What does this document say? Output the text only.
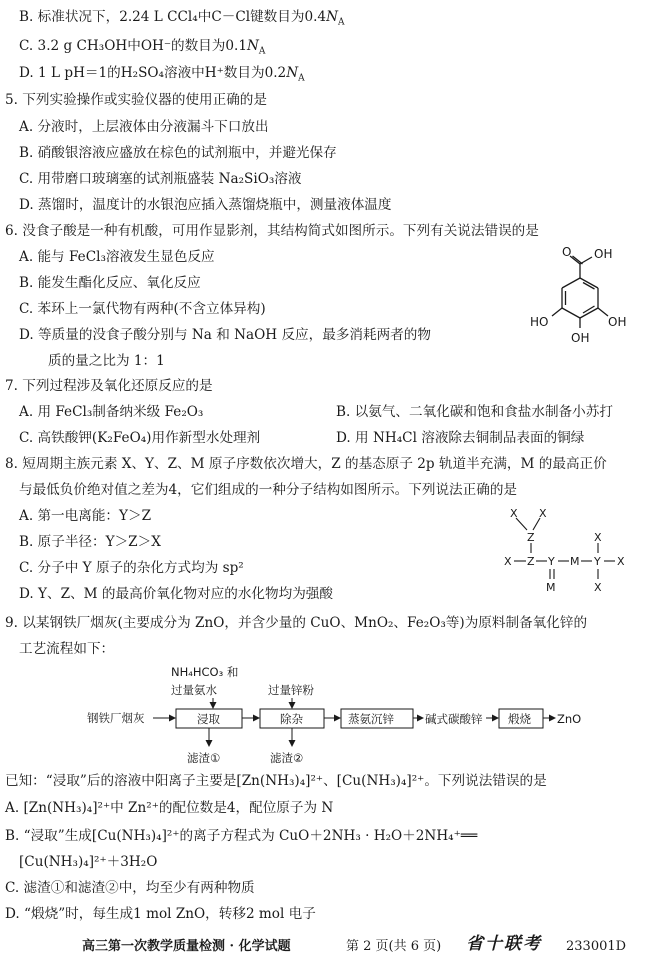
B. 标准状况下，2.24 L CCl₄中C－Cl键数目为$0.4N_A$
C. 3.2 g CH₃OH中OH⁻的数目为$0.1N_A$
D. 1 L pH＝1的H₂SO₄溶液中H⁺数目为$0.2N_A$
5. 下列实验操作或实验仪器的使用正确的是
A. 分液时，上层液体由分液漏斗下口放出
B. 硝酸银溶液应盛放在棕色的试剂瓶中，并避光保存
C. 用带磨口玻璃塞的试剂瓶盛装 Na₂SiO₃溶液
D. 蒸馏时，温度计的水银泡应插入蒸馏烧瓶中，测量液体温度
6. 没食子酸是一种有机酸，可用作显影剂，其结构简式如图所示。下列有关说法错误的是
A. 能与 FeCl₃溶液发生显色反应
B. 能发生酯化反应、氧化反应
C. 苯环上一氯代物有两种(不含立体异构)
D. 等质量的没食子酸分别与 Na 和 NaOH 反应，最多消耗两者的物
质的量之比为 1：1
O OH
HO	OH
OH
7. 下列过程涉及氧化还原反应的是
A. 用 FeCl₃制备纳米级 Fe₂O₃	B. 以氨气、二氧化碳和饱和食盐水制备小苏打
C. 高铁酸钾(K₂FeO₄)用作新型水处理剂	D. 用 NH₄Cl 溶液除去铜制品表面的铜绿
8. 短周期主族元素 X、Y、Z、M 原子序数依次增大，Z 的基态原子 2p 轨道半充满，M 的最高正价
与最低负价绝对值之差为4，它们组成的一种分子结构如图所示。下列说法正确的是
A. 第一电离能：Y＞Z
B. 原子半径：Y＞Z＞X
C. 分子中 Y 原子的杂化方式均为 sp²
D. Y、Z、M 的最高价氧化物对应的水化物均为强酸
X X
Z
X Z Y M Y X
X
X
M
9. 以某钢铁厂烟灰(主要成分为 ZnO，并含少量的 CuO、MnO₂、Fe₂O₃等)为原料制备氧化锌的
工艺流程如下：
NH₄HCO₃ 和
过量氨水	过量锌粉
钢铁厂烟灰	浸取	除杂	蒸氨沉锌	碱式碳酸锌 煅烧 ZnO
滤渣①	滤渣②
已知：“浸取”后的溶液中阳离子主要是[Zn(NH₃)₄]²⁺、[Cu(NH₃)₄]²⁺。下列说法错误的是
A. [Zn(NH₃)₄]²⁺中 Zn²⁺的配位数是4，配位原子为 N
B. “浸取”生成[Cu(NH₃)₄]²⁺的离子方程式为 CuO＋2NH₃ · H₂O＋2NH₄⁺══
[Cu(NH₃)₄]²⁺＋3H₂O
C. 滤渣①和滤渣②中，均至少有两种物质
D. “煅烧”时，每生成1 mol ZnO，转移2 mol 电子
高三第一次教学质量检测 · 化学试题	第 2 页(共 6 页) 省十联考 233001D
